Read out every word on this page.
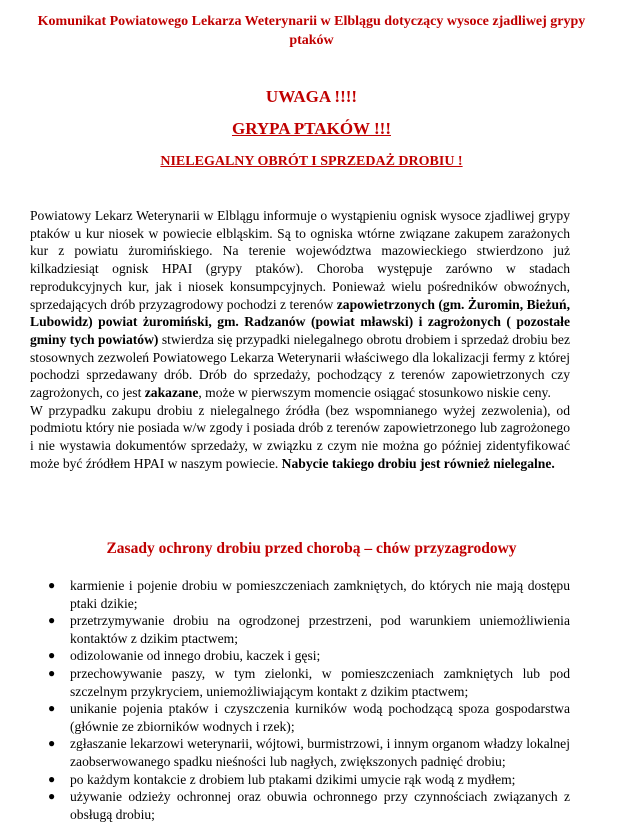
Komunikat Powiatowego Lekarza Weterynarii w Elblągu dotyczący wysoce zjadliwej grypy ptaków
UWAGA !!!!
GRYPA PTAKÓW !!!
NIELEGALNY OBRÓT I SPRZEDAŻ DROBIU !

Powiatowy Lekarz Weterynarii w Elblągu informuje o wystąpieniu ognisk wysoce zjadliwej grypy ptaków u kur niosek w powiecie elbląskim. Są to ogniska wtórne związane zakupem zarażonych kur z powiatu żuromińskiego. Na terenie województwa mazowieckiego stwierdzono już kilkadziesiąt ognisk HPAI (grypy ptaków). Choroba występuje zarówno w stadach reprodukcyjnych kur, jak i niosek konsumpcyjnych. Ponieważ wielu pośredników obwoźnych, sprzedających drób przyzagrodowy pochodzi z terenów zapowietrzonych (gm. Żuromin, Bieżuń, Lubowidz) powiat żuromiński, gm. Radzanów (powiat mławski) i zagrożonych ( pozostałe gminy tych powiatów) stwierdza się przypadki nielegalnego obrotu drobiem i sprzedaż drobiu bez stosownych zezwoleń Powiatowego Lekarza Weterynarii właściwego dla lokalizacji fermy z której pochodzi sprzedawany drób. Drób do sprzedaży, pochodzący z terenów zapowietrzonych czy zagrożonych, co jest zakazane, może w pierwszym momencie osiągać stosunkowo niskie ceny.

W przypadku zakupu drobiu z nielegalnego źródła (bez wspomnianego wyżej zezwolenia), od podmiotu który nie posiada w/w zgody i posiada drób z terenów zapowietrzonego lub zagrożonego i nie wystawia dokumentów sprzedaży, w związku z czym nie można go później zidentyfikować może być źródłem HPAI w naszym powiecie. Nabycie takiego drobiu jest również nielegalne.

Zasady ochrony drobiu przed chorobą – chów przyzagrodowy
●	karmienie i pojenie drobiu w pomieszczeniach zamkniętych, do których nie mają dostępu ptaki dzikie;
●	przetrzymywanie drobiu na ogrodzonej przestrzeni, pod warunkiem uniemożliwienia kontaktów z dzikim ptactwem;
●	odizolowanie od innego drobiu, kaczek i gęsi;
●	przechowywanie paszy, w tym zielonki, w pomieszczeniach zamkniętych lub pod szczelnym przykryciem, uniemożliwiającym kontakt z dzikim ptactwem;
●	unikanie pojenia ptaków i czyszczenia kurników wodą pochodzącą spoza gospodarstwa (głównie ze zbiorników wodnych i rzek);
●	zgłaszanie lekarzowi weterynarii, wójtowi, burmistrzowi, i innym organom władzy lokalnej zaobserwowanego spadku nieśności lub nagłych, zwiększonych padnięć drobiu;
●	po każdym kontakcie z drobiem lub ptakami dzikimi umycie rąk wodą z mydłem;
●	używanie odzieży ochronnej oraz obuwia ochronnego przy czynnościach związanych z obsługą drobiu;
